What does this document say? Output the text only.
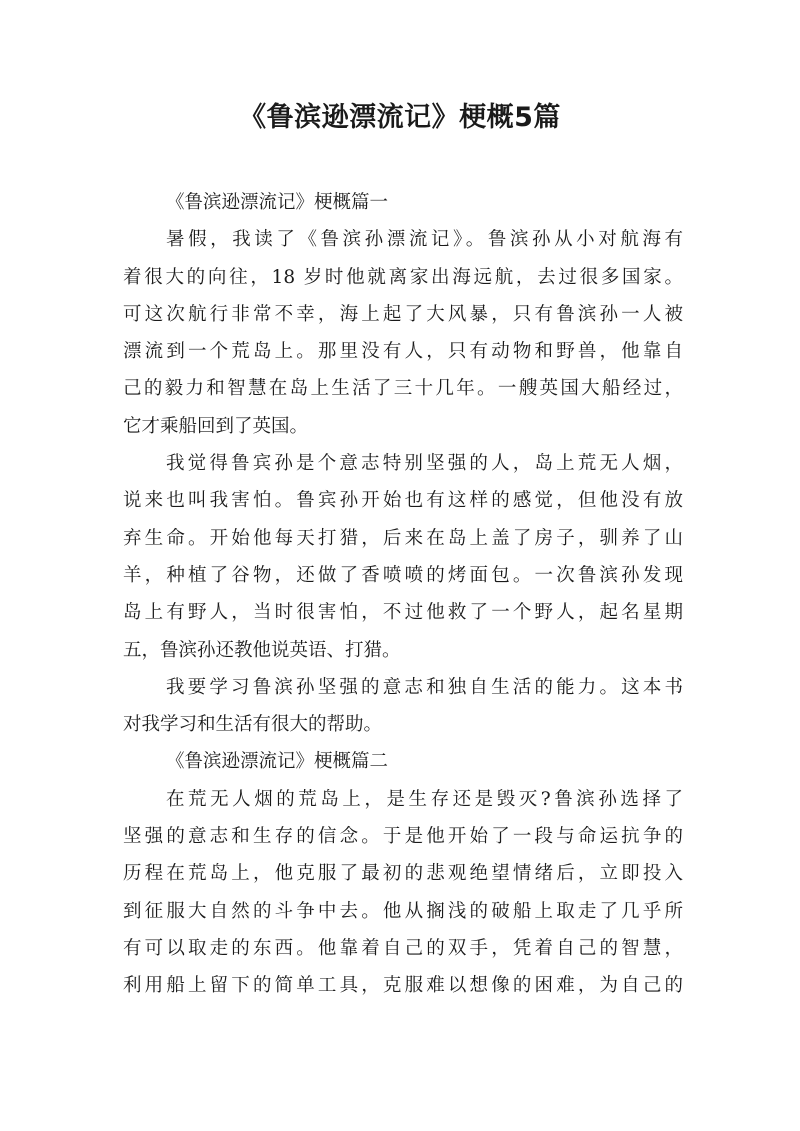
《鲁滨逊漂流记》梗概5篇
《鲁滨逊漂流记》梗概篇一
暑假，我读了《鲁滨孙漂流记》。鲁滨孙从小对航海有
着很大的向往，18 岁时他就离家出海远航，去过很多国家。
可这次航行非常不幸，海上起了大风暴，只有鲁滨孙一人被
漂流到一个荒岛上。那里没有人，只有动物和野兽，他靠自
己的毅力和智慧在岛上生活了三十几年。一艘英国大船经过，
它才乘船回到了英国。
我觉得鲁宾孙是个意志特别坚强的人，岛上荒无人烟，
说来也叫我害怕。鲁宾孙开始也有这样的感觉，但他没有放
弃生命。开始他每天打猎，后来在岛上盖了房子，驯养了山
羊，种植了谷物，还做了香喷喷的烤面包。一次鲁滨孙发现
岛上有野人，当时很害怕，不过他救了一个野人，起名星期
五，鲁滨孙还教他说英语、打猎。
我要学习鲁滨孙坚强的意志和独自生活的能力。这本书
对我学习和生活有很大的帮助。
《鲁滨逊漂流记》梗概篇二
在荒无人烟的荒岛上，是生存还是毁灭?鲁滨孙选择了
坚强的意志和生存的信念。于是他开始了一段与命运抗争的
历程在荒岛上，他克服了最初的悲观绝望情绪后，立即投入
到征服大自然的斗争中去。他从搁浅的破船上取走了几乎所
有可以取走的东西。他靠着自己的双手，凭着自己的智慧，
利用船上留下的简单工具，克服难以想像的困难，为自己的
